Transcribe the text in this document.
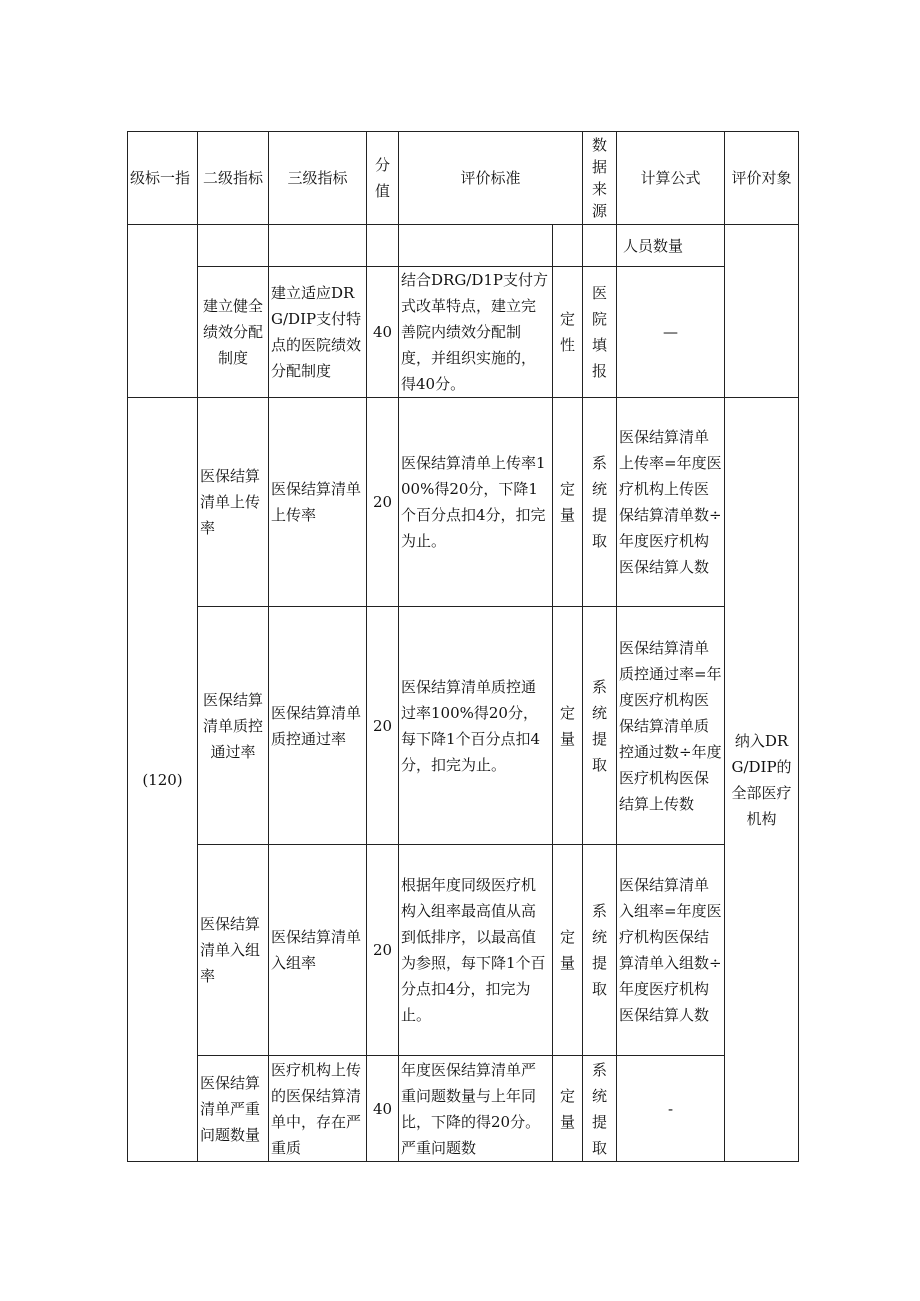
级标一指	二级指标	三级指标	分值	评价标准		数据来源	计算公式	评价对象
							人员数量	
	建立健全绩效分配制度	建立适应DRG/DIP支付特点的医院绩效分配制度	40	结合DRG/D1P支付方式改革特点，建立完善院内绩效分配制度，并组织实施的，得40分。	定性	医院填报	—	
(120)	医保结算清单上传率	医保结算清单上传率	20	医保结算清单上传率100%得20分，下降1个百分点扣4分，扣完为止。	定量	系统提取	医保结算清单上传率=年度医疗机构上传医保结算清单数÷年度医疗机构医保结算人数	纳入DRG/DIP的全部医疗机构
	医保结算清单质控通过率	医保结算清单质控通过率	20	医保结算清单质控通过率100%得20分，每下降1个百分点扣4分，扣完为止。	定量	系统提取	医保结算清单质控通过率=年度医疗机构医保结算清单质控通过数÷年度医疗机构医保结算上传数	
	医保结算清单入组率	医保结算清单入组率	20	根据年度同级医疗机构入组率最高值从高到低排序，以最高值为参照，每下降1个百分点扣4分，扣完为止。	定量	系统提取	医保结算清单入组率=年度医疗机构医保结算清单入组数÷年度医疗机构医保结算人数	
	医保结算清单严重问题数量	医疗机构上传的医保结算清单中，存在严重质	40	年度医保结算清单严重问题数量与上年同比，下降的得20分。严重问题数	定量	系统提取	-	
